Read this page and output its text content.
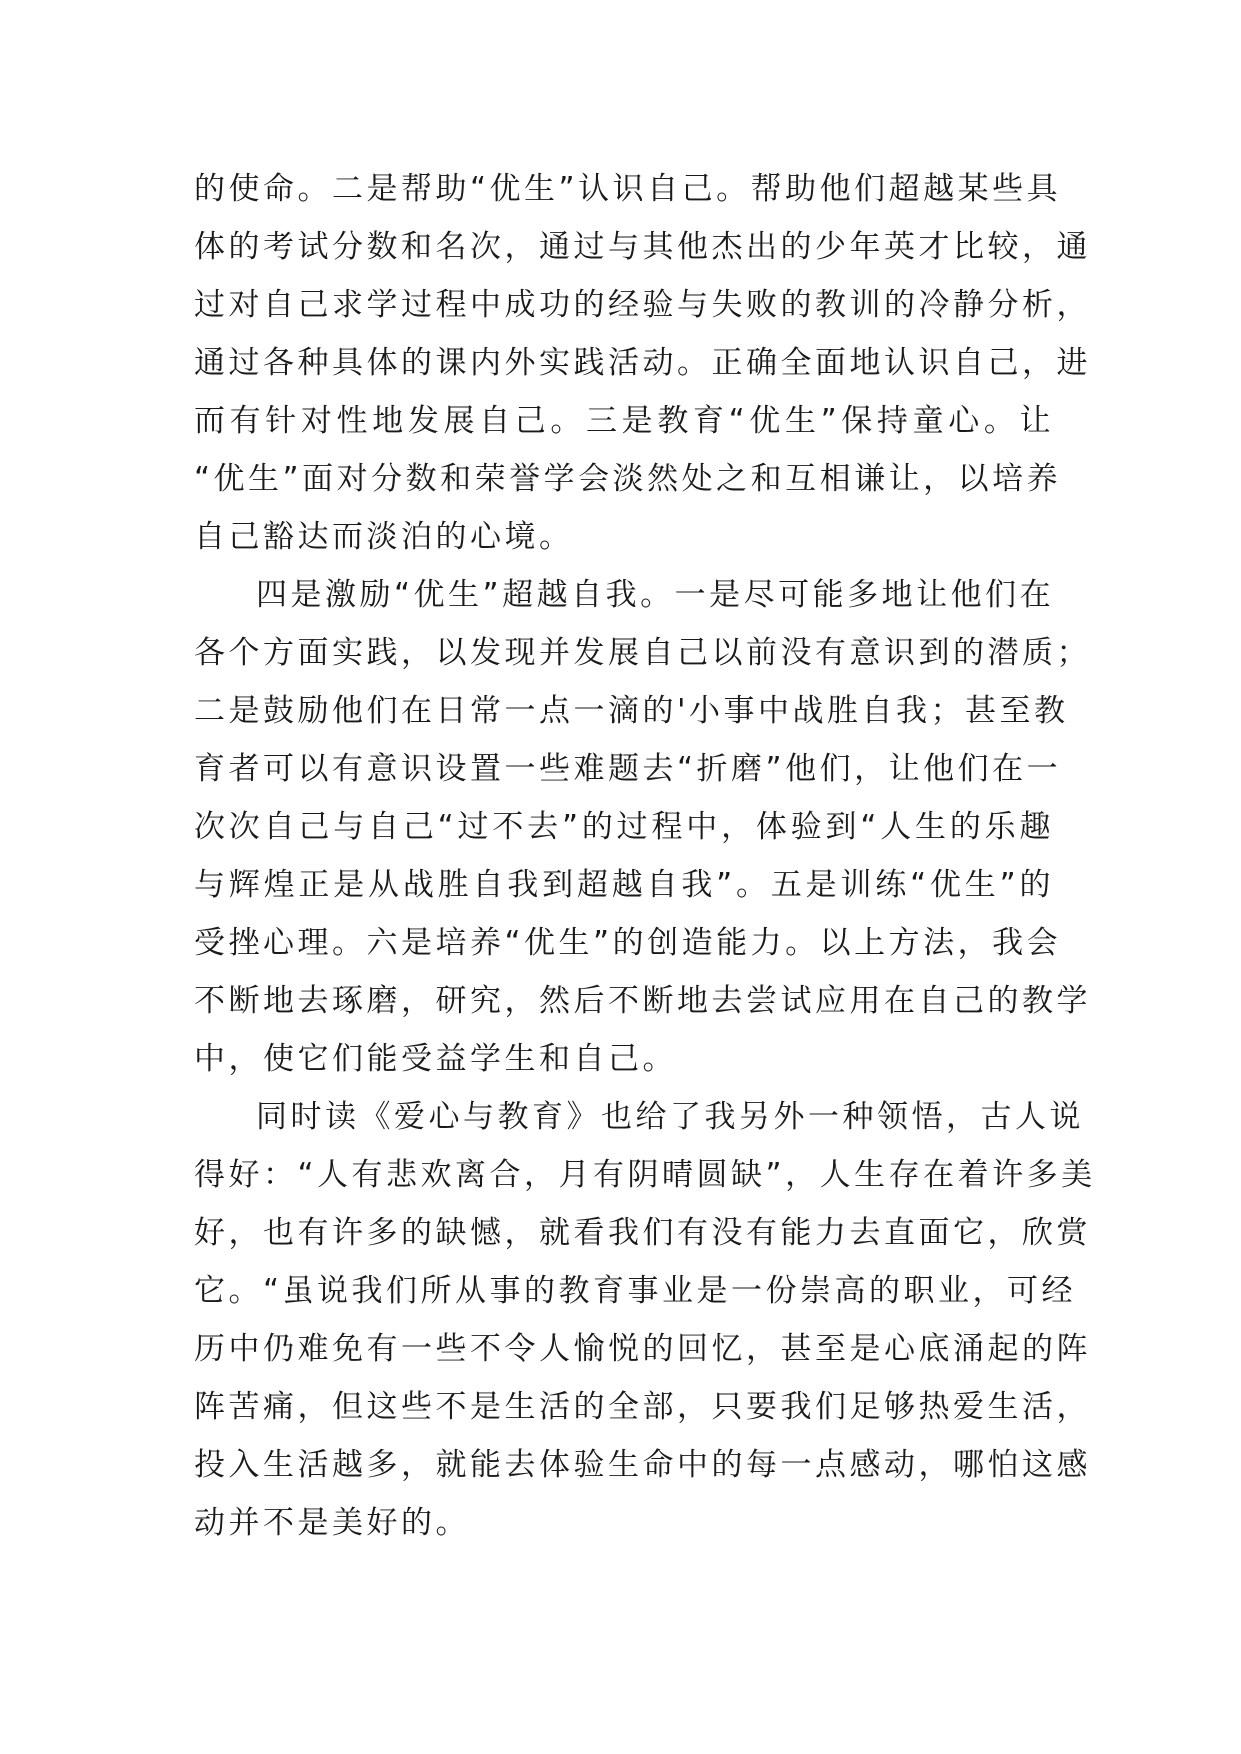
的使命。二是帮助“优生”认识自己。帮助他们超越某些具
体的考试分数和名次，通过与其他杰出的少年英才比较，通
过对自己求学过程中成功的经验与失败的教训的冷静分析，
通过各种具体的课内外实践活动。正确全面地认识自己，进
而有针对性地发展自己。三是教育“优生”保持童心。让
“优生”面对分数和荣誉学会淡然处之和互相谦让，以培养
自己豁达而淡泊的心境。
四是激励“优生”超越自我。一是尽可能多地让他们在
各个方面实践，以发现并发展自己以前没有意识到的潜质；
二是鼓励他们在日常一点一滴的'小事中战胜自我；甚至教
育者可以有意识设置一些难题去“折磨”他们，让他们在一
次次自己与自己“过不去”的过程中，体验到“人生的乐趣
与辉煌正是从战胜自我到超越自我”。五是训练“优生”的
受挫心理。六是培养“优生”的创造能力。以上方法，我会
不断地去琢磨，研究，然后不断地去尝试应用在自己的教学
中，使它们能受益学生和自己。
同时读《爱心与教育》也给了我另外一种领悟，古人说
得好：“人有悲欢离合，月有阴晴圆缺”，人生存在着许多美
好，也有许多的缺憾，就看我们有没有能力去直面它，欣赏
它。“虽说我们所从事的教育事业是一份崇高的职业，可经
历中仍难免有一些不令人愉悦的回忆，甚至是心底涌起的阵
阵苦痛，但这些不是生活的全部，只要我们足够热爱生活，
投入生活越多，就能去体验生命中的每一点感动，哪怕这感
动并不是美好的。
